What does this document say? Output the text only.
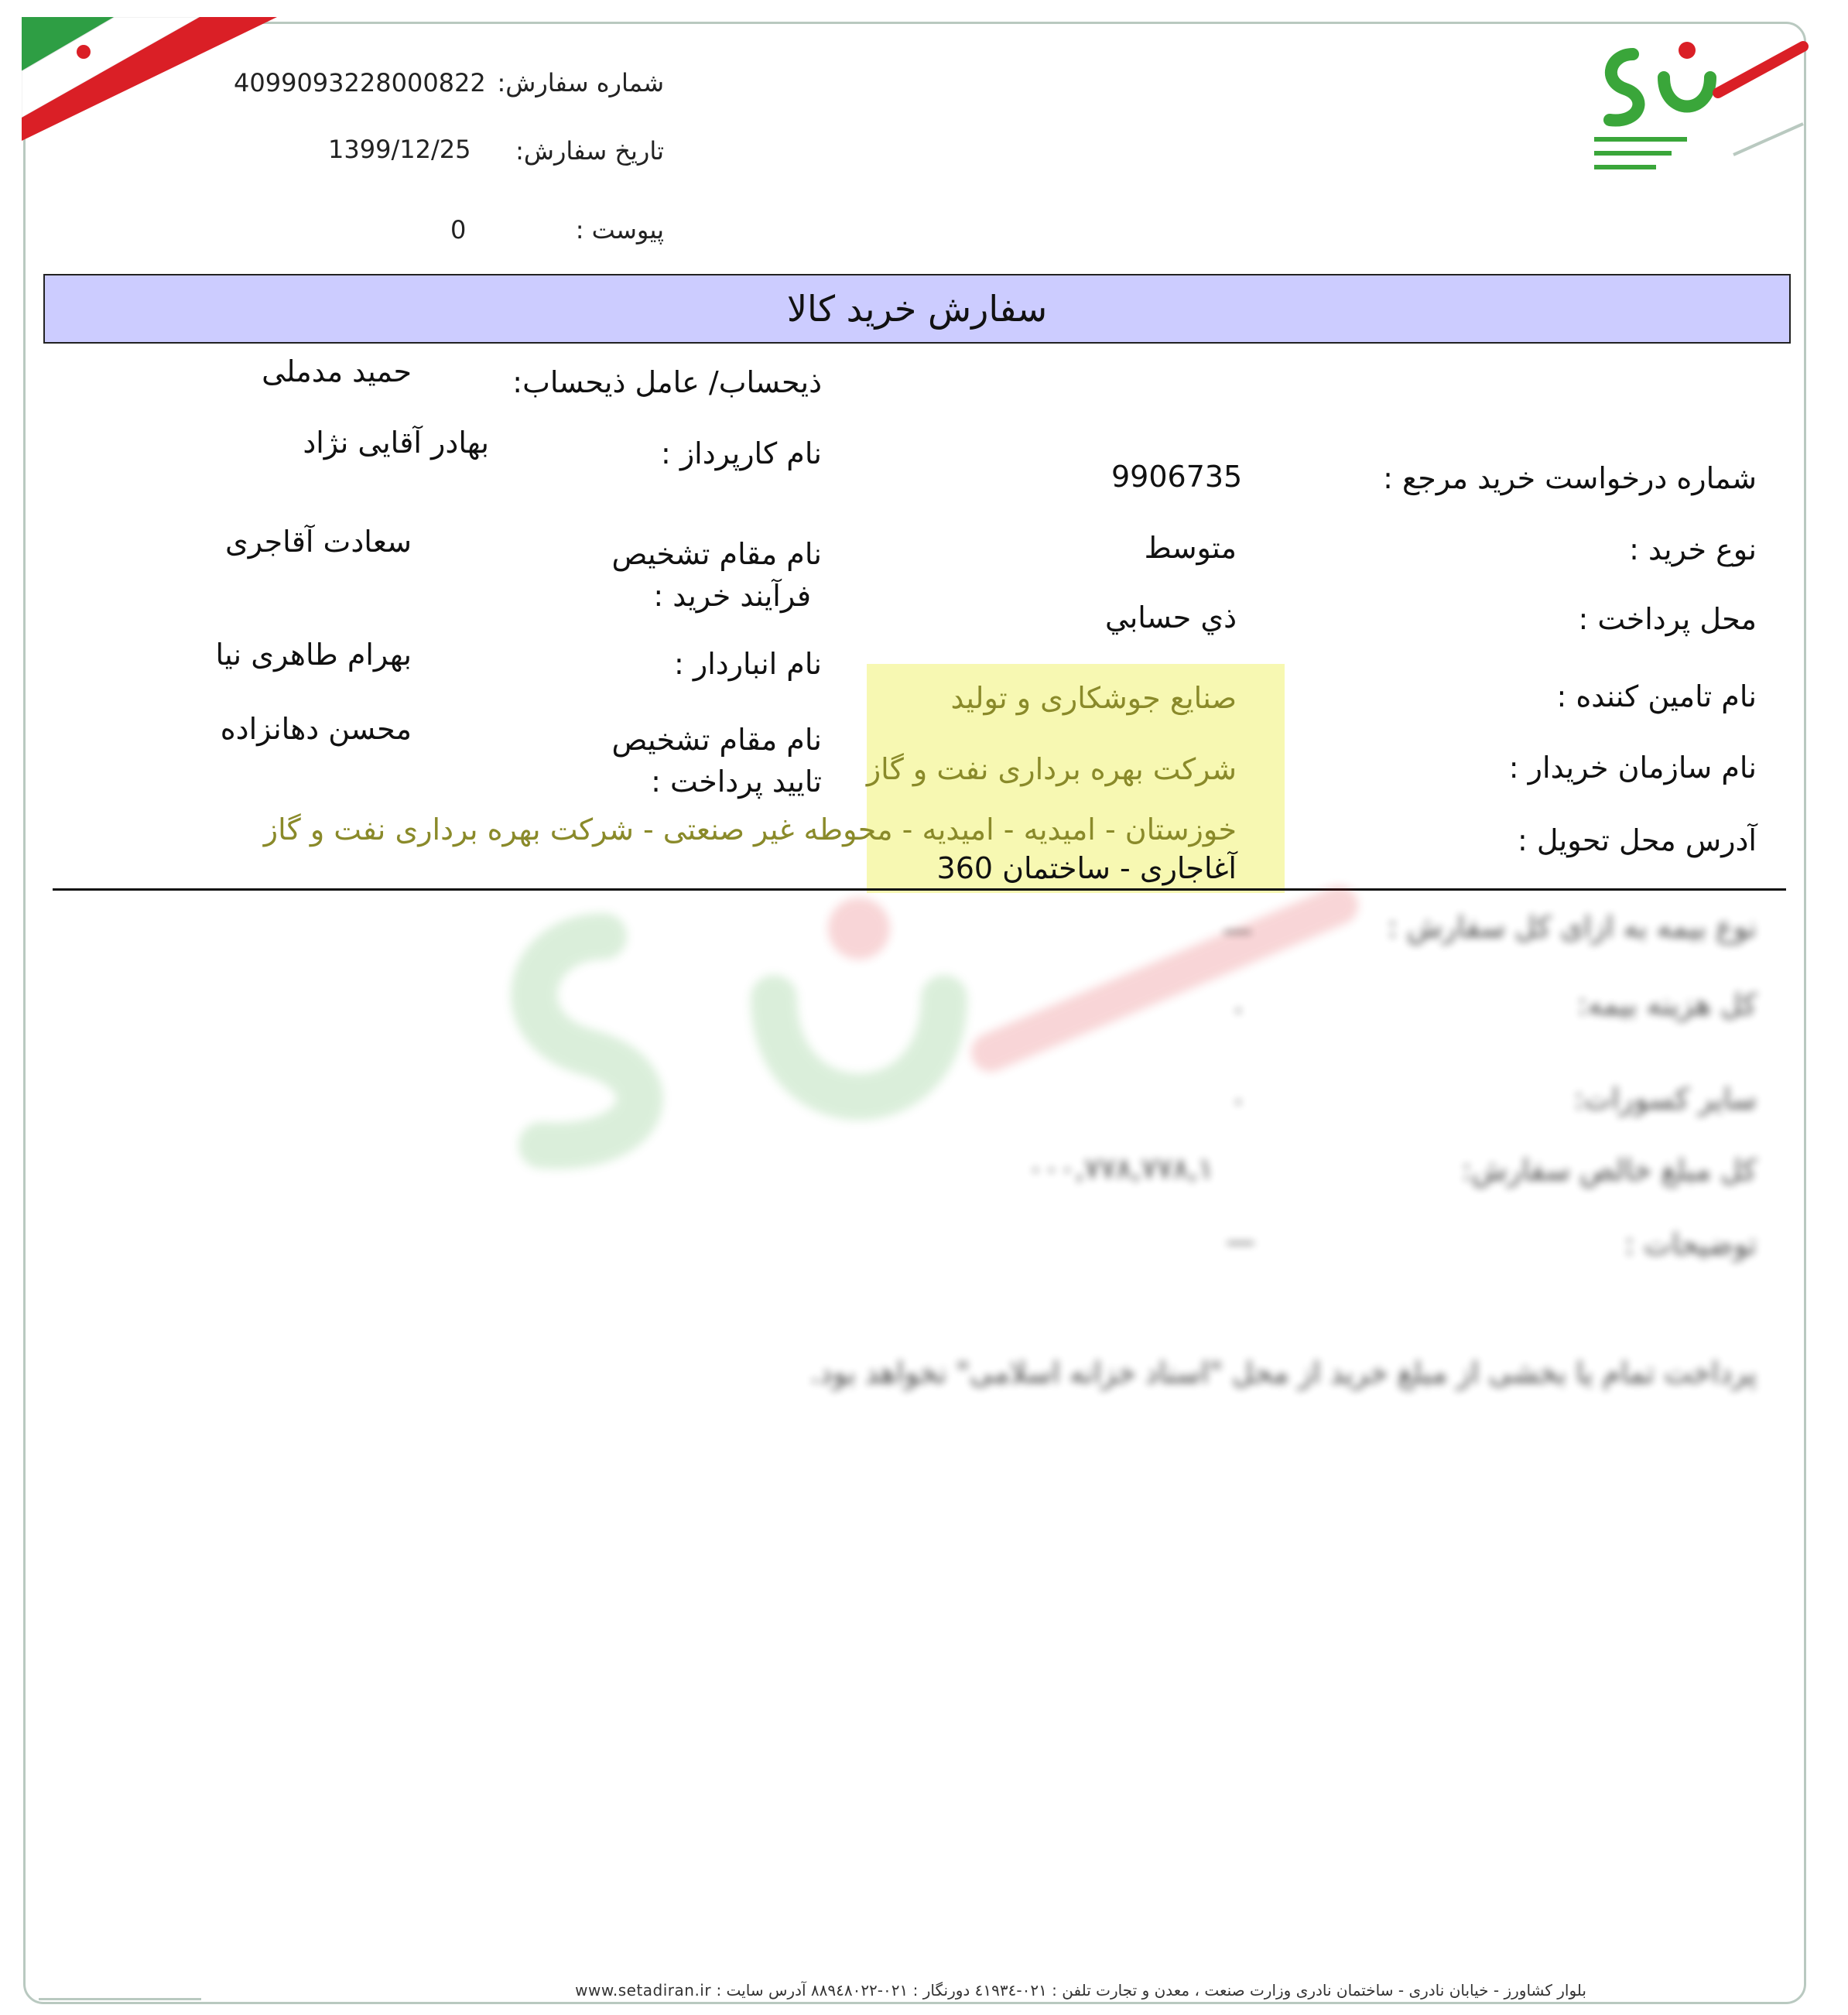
شماره سفارش:
4099093228000822
تاریخ سفارش:
1399/12/25
پیوست :
0
سفارش خرید کالا
شماره درخواست خرید مرجع :
9906735
نوع خرید :
متوسط
محل پرداخت :
ذي حسابي
نام تامین کننده :
صنایع جوشکاری و تولید
نام سازمان خریدار :
شرکت بهره برداری نفت و گاز
آدرس محل تحویل :
خوزستان - امیدیه - امیدیه - محوطه غیر صنعتی - شرکت بهره برداری نفت و گاز
آغاجاری - ساختمان 360
ذیحساب/ عامل ذیحساب:
حمید مدملی
نام کارپرداز :
بهادر آقایی نژاد
نام مقام تشخیص
فرآیند خرید :
سعادت آقاجری
نام انباردار :
بهرام طاهری نیا
نام مقام تشخیص
تایید پرداخت :
محسن دهانزاده
نوع بیمه به ازای کل سفارش :
—
کل هزینه بیمه:
٠
سایر کسورات:
٠
کل مبلغ خالص سفارش:
٠٠٠,٧٧٨,٧٧٨,١
توضیحات :
—
پرداخت تمام یا بخشی از مبلغ خرید از محل "اسناد خزانه اسلامی" نخواهد بود.
بلوار کشاورز - خیابان نادری - ساختمان نادری وزارت صنعت ، معدن و تجارت تلفن : ٠٢١-٤١٩٣٤ دورنگار : ٠٢١-٨٨٩٤٨٠٢٢ آدرس سایت : www.setadiran.ir
